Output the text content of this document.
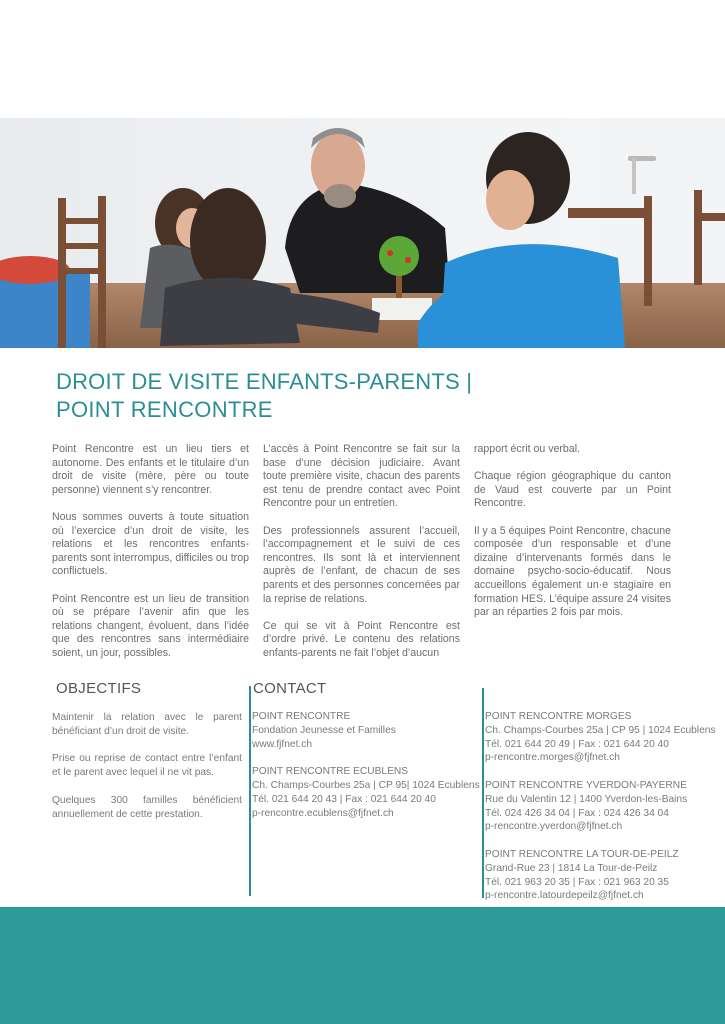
DROIT DE VISITE ENFANTS-PARENTS |
POINT RENCONTRE

Point Rencontre est un lieu tiers et autonome. Des enfants et le titulaire d’un droit de visite (mère, père ou toute personne) viennent s’y rencontrer.

Nous sommes ouverts à toute situation où l’exercice d’un droit de visite, les relations et les rencontres enfants-parents sont interrompus, difficiles ou trop conflictuels.

Point Rencontre est un lieu de transition où se prépare l’avenir afin que les relations changent, évoluent, dans l’idée que des rencontres sans intermédiaire soient, un jour, possibles.

L’accès à Point Rencontre se fait sur la base d’une décision judiciaire. Avant toute première visite, chacun des parents est tenu de prendre contact avec Point Rencontre pour un entretien.

Des professionnels assurent l’accueil, l’accompagnement et le suivi de ces rencontres. Ils sont là et interviennent auprès de l’enfant, de chacun de ses parents et des personnes concernées par la reprise de relations.

Ce qui se vit à Point Rencontre est d’ordre privé. Le contenu des relations enfants-parents ne fait l’objet d’aucun

rapport écrit ou verbal.

Chaque région géographique du canton de Vaud est couverte par un Point Rencontre.

Il y a 5 équipes Point Rencontre, chacune composée d’un responsable et d’une dizaine d’intervenants formés dans le domaine psycho-socio-éducatif. Nous accueillons également un·e stagiaire en formation HES. L’équipe assure 24 visites par an réparties 2 fois par mois.

OBJECTIFS	CONTACT

Maintenir la relation avec le parent bénéficiant d’un droit de visite.

Prise ou reprise de contact entre l’enfant et le parent avec lequel il ne vit pas.

Quelques 300 familles bénéficient annuellement de cette prestation.

POINT RENCONTRE
Fondation Jeunesse et Familles
www.fjfnet.ch

POINT RENCONTRE ECUBLENS
Ch. Champs-Courbes 25a | CP 95| 1024 Ecublens
Tél. 021 644 20 43 | Fax : 021 644 20 40
p-rencontre.ecublens@fjfnet.ch

POINT RENCONTRE MORGES
Ch. Champs-Courbes 25a | CP 95 | 1024 Ecublens
Tél. 021 644 20 49 | Fax : 021 644 20 40
p-rencontre.morges@fjfnet.ch

POINT RENCONTRE YVERDON-PAYERNE
Rue du Valentin 12 | 1400 Yverdon-les-Bains
Tél. 024 426 34 04 | Fax : 024 426 34 04
p-rencontre.yverdon@fjfnet.ch

POINT RENCONTRE LA TOUR-DE-PEILZ
Grand-Rue 23 | 1814 La Tour-de-Peilz
Tél. 021 963 20 35 | Fax : 021 963 20 35
p-rencontre.latourdepeilz@fjfnet.ch
